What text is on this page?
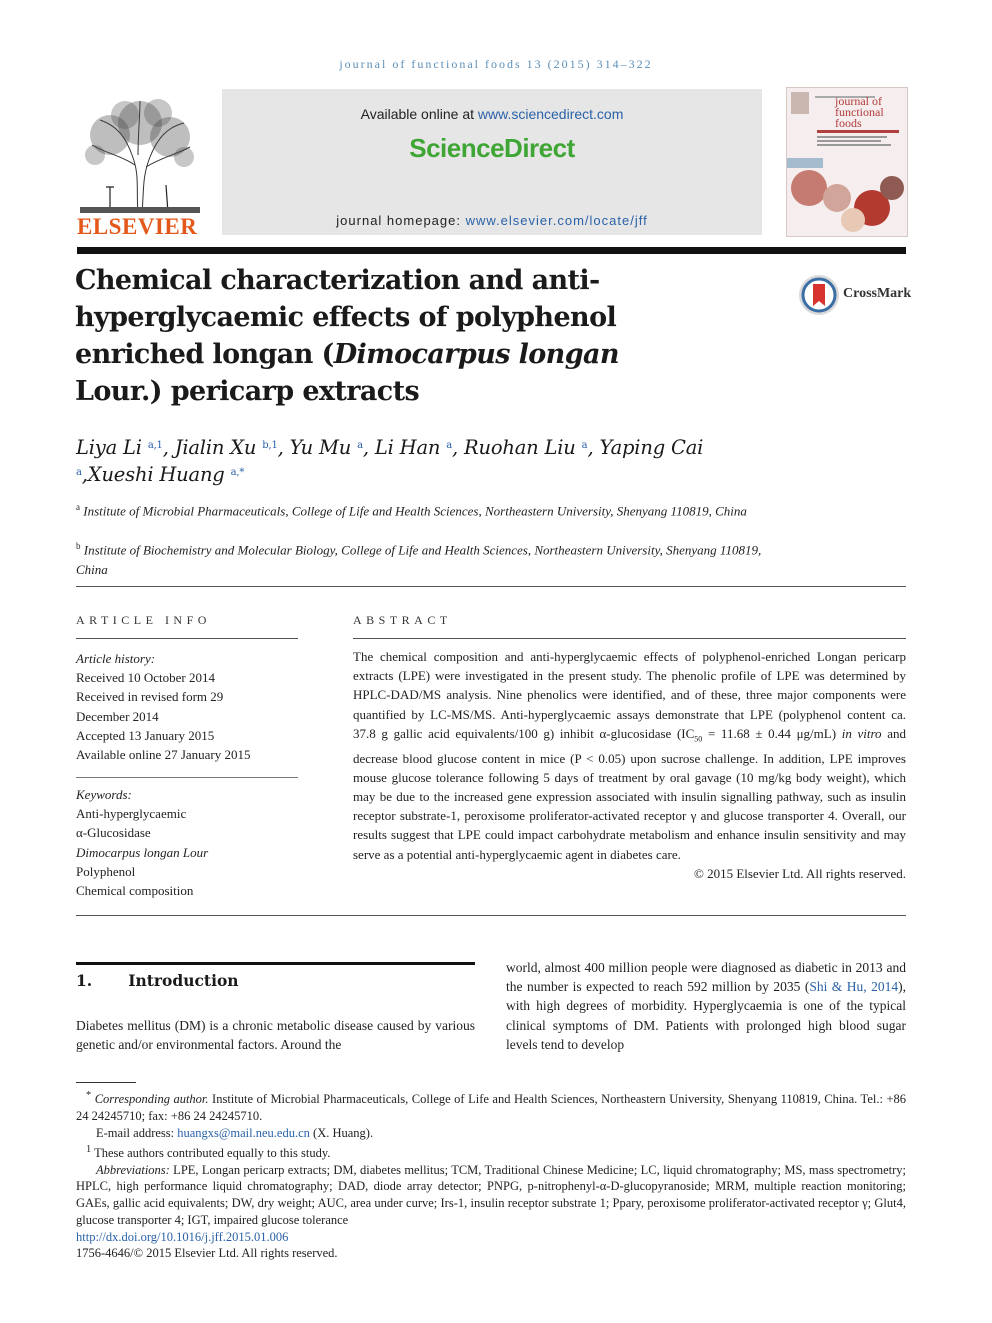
journal of functional foods 13 (2015) 314–322
ELSEVIER
Available online at www.sciencedirect.com
ScienceDirect
journal homepage: www.elsevier.com/locate/jff
journal of
functional foods
Chemical characterization and anti-hyperglycaemic effects of polyphenol enriched longan (Dimocarpus longan Lour.) pericarp extracts
CrossMark
Liya Li $^{a,1}$, Jialin Xu $^{b,1}$, Yu Mu $^a$, Li Han $^a$, Ruohan Liu $^a$, Yaping Cai $^a$,Xueshi Huang $^{a,*}$
$^a$ Institute of Microbial Pharmaceuticals, College of Life and Health Sciences, Northeastern University, Shenyang 110819, China
$^b$ Institute of Biochemistry and Molecular Biology, College of Life and Health Sciences, Northeastern University, Shenyang 110819, China
ARTICLE INFO
Article history:
Received 10 October 2014
Received in revised form 29
December 2014
Accepted 13 January 2015
Available online 27 January 2015
Keywords:
Anti-hyperglycaemic
α-Glucosidase
Dimocarpus longan Lour
Polyphenol
Chemical composition
ABSTRACT
The chemical composition and anti-hyperglycaemic effects of polyphenol-enriched Longan pericarp extracts (LPE) were investigated in the present study. The phenolic profile of LPE was determined by HPLC-DAD/MS analysis. Nine phenolics were identified, and of these, three major components were quantified by LC-MS/MS. Anti-hyperglycaemic assays demonstrate that LPE (polyphenol content ca. 37.8 g gallic acid equivalents/100 g) inhibit α-glucosidase ($IC_{50} = 11.68 \pm 0.44$ μg/mL) in vitro and decrease blood glucose content in mice (P < 0.05) upon sucrose challenge. In addition, LPE improves mouse glucose tolerance following 5 days of treatment by oral gavage (10 mg/kg body weight), which may be due to the increased gene expression associated with insulin signalling pathway, such as insulin receptor substrate-1, peroxisome proliferator-activated receptor γ and glucose transporter 4. Overall, our results suggest that LPE could impact carbohydrate metabolism and enhance insulin sensitivity and may serve as a potential anti-hyperglycaemic agent in diabetes care.
© 2015 Elsevier Ltd. All rights reserved.
1. Introduction
Diabetes mellitus (DM) is a chronic metabolic disease caused by various genetic and/or environmental factors. Around the
world, almost 400 million people were diagnosed as diabetic in 2013 and the number is expected to reach 592 million by 2035 (Shi & Hu, 2014), with high degrees of morbidity. Hyperglycaemia is one of the typical clinical symptoms of DM. Patients with prolonged high blood sugar levels tend to develop
* Corresponding author. Institute of Microbial Pharmaceuticals, College of Life and Health Sciences, Northeastern University, Shenyang 110819, China. Tel.: +86 24 24245710; fax: +86 24 24245710.
E-mail address: huangxs@mail.neu.edu.cn (X. Huang).
$^1$ These authors contributed equally to this study.
Abbreviations: LPE, Longan pericarp extracts; DM, diabetes mellitus; TCM, Traditional Chinese Medicine; LC, liquid chromatography; MS, mass spectrometry; HPLC, high performance liquid chromatography; DAD, diode array detector; PNPG, p-nitrophenyl-α-D-glucopyranoside; MRM, multiple reaction monitoring; GAEs, gallic acid equivalents; DW, dry weight; AUC, area under curve; Irs-1, insulin receptor substrate 1; Ppary, peroxisome proliferator-activated receptor γ; Glut4, glucose transporter 4; IGT, impaired glucose tolerance
http://dx.doi.org/10.1016/j.jff.2015.01.006
1756-4646/© 2015 Elsevier Ltd. All rights reserved.
